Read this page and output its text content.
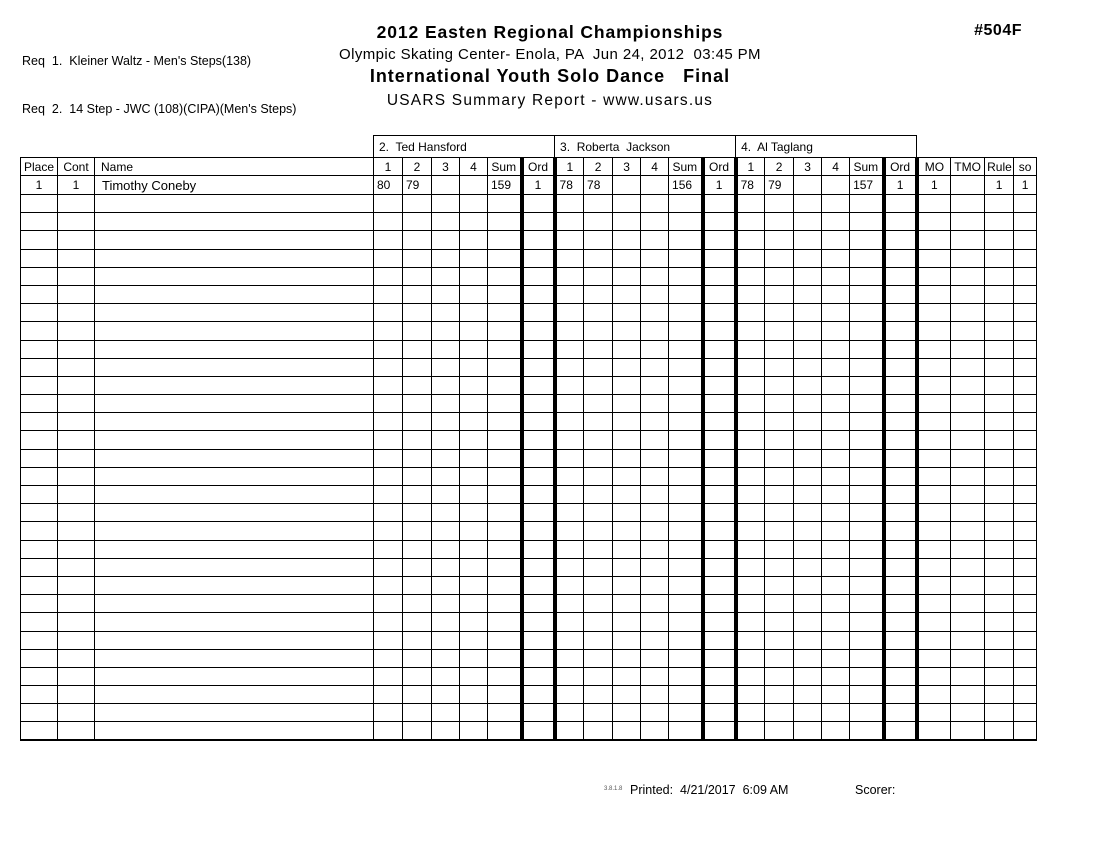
Req  1.  Kleiner Waltz - Men's Steps(138)

Req  2.  14 Step - JWC (108)(CIPA)(Men's Steps)

2012 Easten Regional Championships
Olympic Skating Center- Enola, PA  Jun 24, 2012  03:45 PM
International Youth Solo Dance   Final
USARS Summary Report - www.usars.us
#504F
			2.  Ted Hansford						3.  Roberta  Jackson						4.  Al Taglang									
Place	Cont	Name	1	2	3	4	Sum	Ord	1	2	3	4	Sum	Ord	1	2	3	4	Sum	Ord	MO	TMO	Rule	so
1	1	Timothy Coneby	80	79			159	1	78	78			156	1	78	79			157	1	1		1	1

3.8.1.8 Printed:  4/21/2017  6:09 AM	Scorer:
